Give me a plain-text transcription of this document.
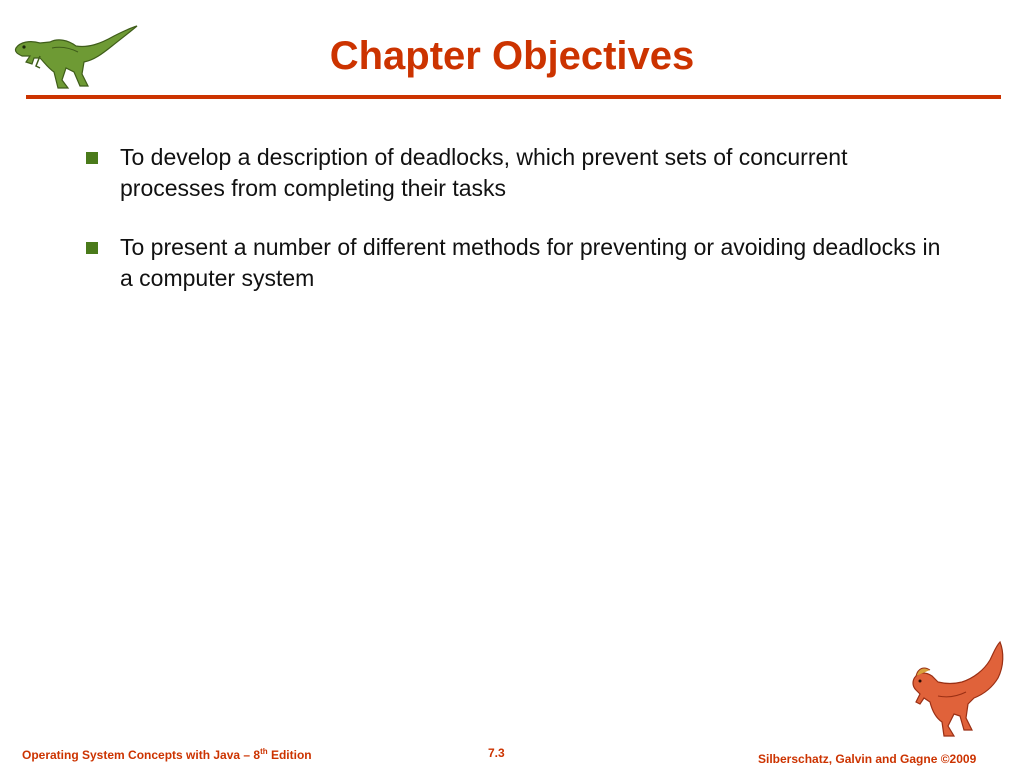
Chapter Objectives
To develop a description of deadlocks, which prevent sets of concurrent processes from completing their tasks
To present a number of different methods for preventing or avoiding deadlocks in a computer system

Operating System Concepts with Java – 8th Edition	7.3	Silberschatz, Galvin and Gagne ©2009
